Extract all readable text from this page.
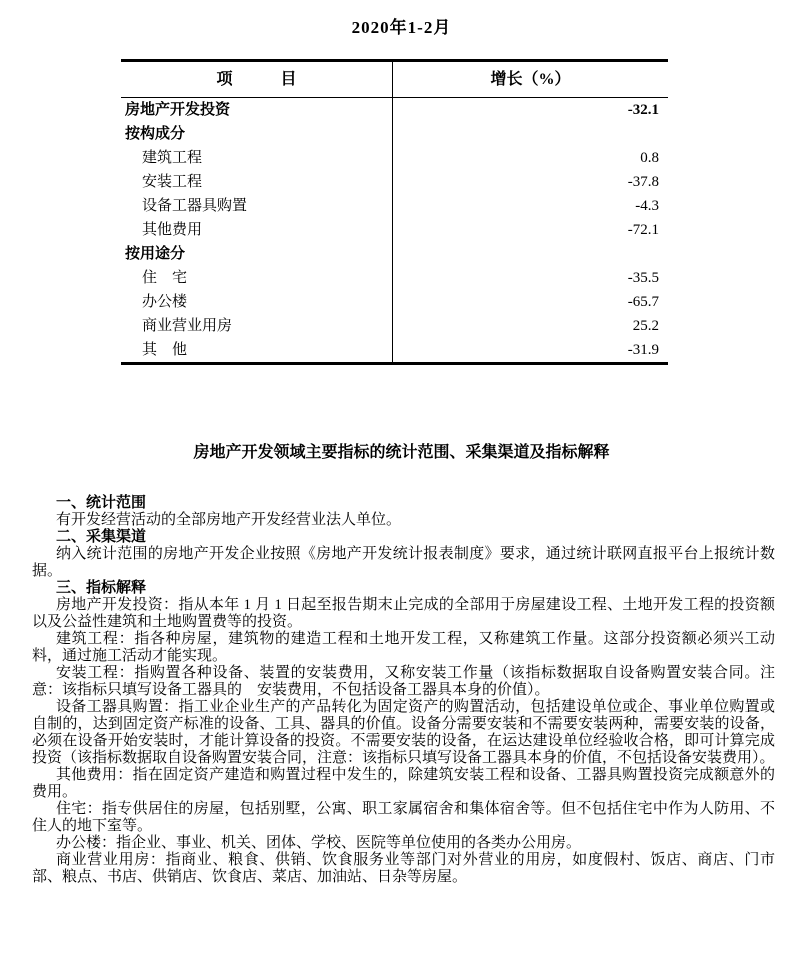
2020年1-2月
项　　　目	增长（%）
房地产开发投资	-32.1
按构成分
建筑工程	0.8
安装工程	-37.8
设备工器具购置	-4.3
其他费用	-72.1
按用途分
住　宅	-35.5
办公楼	-65.7
商业营业用房	25.2
其　他	-31.9
房地产开发领域主要指标的统计范围、采集渠道及指标解释

一、统计范围

有开发经营活动的全部房地产开发经营业法人单位。

二、采集渠道

纳入统计范围的房地产开发企业按照《房地产开发统计报表制度》要求，通过统计联网直报平台上报统计数据。

三、指标解释

房地产开发投资：指从本年 1 月 1 日起至报告期末止完成的全部用于房屋建设工程、土地开发工程的投资额以及公益性建筑和土地购置费等的投资。

建筑工程：指各种房屋，建筑物的建造工程和土地开发工程，又称建筑工作量。这部分投资额必须兴工动料，通过施工活动才能实现。

安装工程：指购置各种设备、装置的安装费用，又称安装工作量（该指标数据取自设备购置安装合同。注意：该指标只填写设备工器具的　安装费用，不包括设备工器具本身的价值）。

设备工器具购置：指工业企业生产的产品转化为固定资产的购置活动，包括建设单位或企、事业单位购置或自制的，达到固定资产标准的设备、工具、器具的价值。设备分需要安装和不需要安装两种，需要安装的设备，必须在设备开始安装时，才能计算设备的投资。不需要安装的设备，在运达建设单位经验收合格，即可计算完成投资（该指标数据取自设备购置安装合同，注意：该指标只填写设备工器具本身的价值，不包括设备安装费用）。

其他费用：指在固定资产建造和购置过程中发生的，除建筑安装工程和设备、工器具购置投资完成额意外的费用。

住宅：指专供居住的房屋，包括别墅，公寓、职工家属宿舍和集体宿舍等。但不包括住宅中作为人防用、不住人的地下室等。

办公楼：指企业、事业、机关、团体、学校、医院等单位使用的各类办公用房。

商业营业用房：指商业、粮食、供销、饮食服务业等部门对外营业的用房，如度假村、饭店、商店、门市部、粮点、书店、供销店、饮食店、菜店、加油站、日杂等房屋。
